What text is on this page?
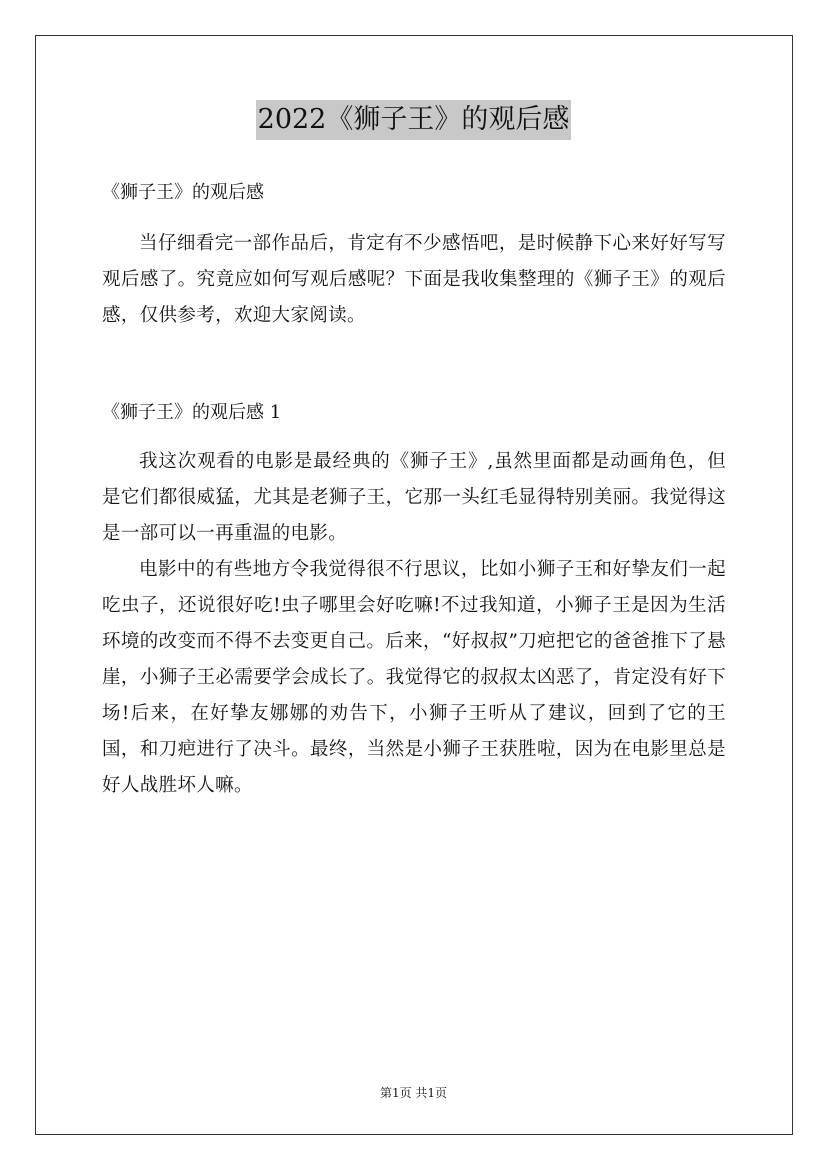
2022《狮子王》的观后感

《狮子王》的观后感

当仔细看完一部作品后，肯定有不少感悟吧，是时候静下心来好好写写观后感了。究竟应如何写观后感呢？下面是我收集整理的《狮子王》的观后感，仅供参考，欢迎大家阅读。

《狮子王》的观后感 1

我这次观看的电影是最经典的《狮子王》,虽然里面都是动画角色，但是它们都很威猛，尤其是老狮子王，它那一头红毛显得特别美丽。我觉得这是一部可以一再重温的电影。

电影中的有些地方令我觉得很不行思议，比如小狮子王和好挚友们一起吃虫子，还说很好吃!虫子哪里会好吃嘛!不过我知道，小狮子王是因为生活环境的改变而不得不去变更自己。后来，“好叔叔”刀疤把它的爸爸推下了悬崖，小狮子王必需要学会成长了。我觉得它的叔叔太凶恶了，肯定没有好下场!后来，在好挚友娜娜的劝告下，小狮子王听从了建议，回到了它的王国，和刀疤进行了决斗。最终，当然是小狮子王获胜啦，因为在电影里总是好人战胜坏人嘛。

第1页 共1页
